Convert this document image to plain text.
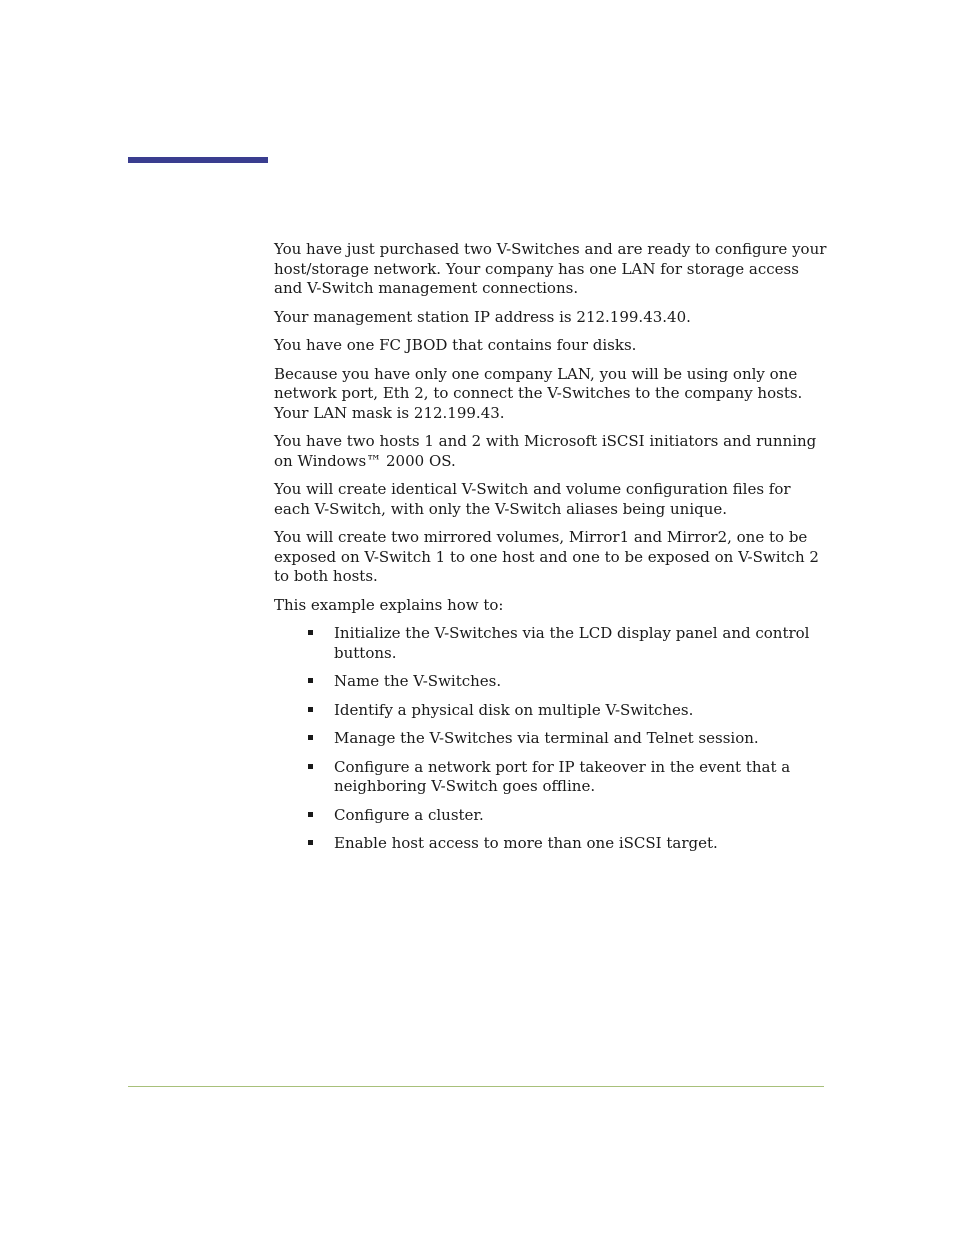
You have just purchased two V-Switches and are ready to configure your host/storage network. Your company has one LAN for storage access and V-Switch management connections.

Your management station IP address is 212.199.43.40.

You have one FC JBOD that contains four disks.

Because you have only one company LAN, you will be using only one network port, Eth 2, to connect the V-Switches to the company hosts. Your LAN mask is 212.199.43.

You have two hosts 1 and 2 with Microsoft iSCSI initiators and running on Windows™ 2000 OS.

You will create identical V-Switch and volume configuration files for each V-Switch, with only the V-Switch aliases being unique.

You will create two mirrored volumes, Mirror1 and Mirror2, one to be exposed on V-Switch 1 to one host and one to be exposed on V-Switch 2 to both hosts.

This example explains how to:

Initialize the V-Switches via the LCD display panel and control buttons.
Name the V-Switches.
Identify a physical disk on multiple V-Switches.
Manage the V-Switches via terminal and Telnet session.
Configure a network port for IP takeover in the event that a neighboring V-Switch goes offline.
Configure a cluster.
Enable host access to more than one iSCSI target.
